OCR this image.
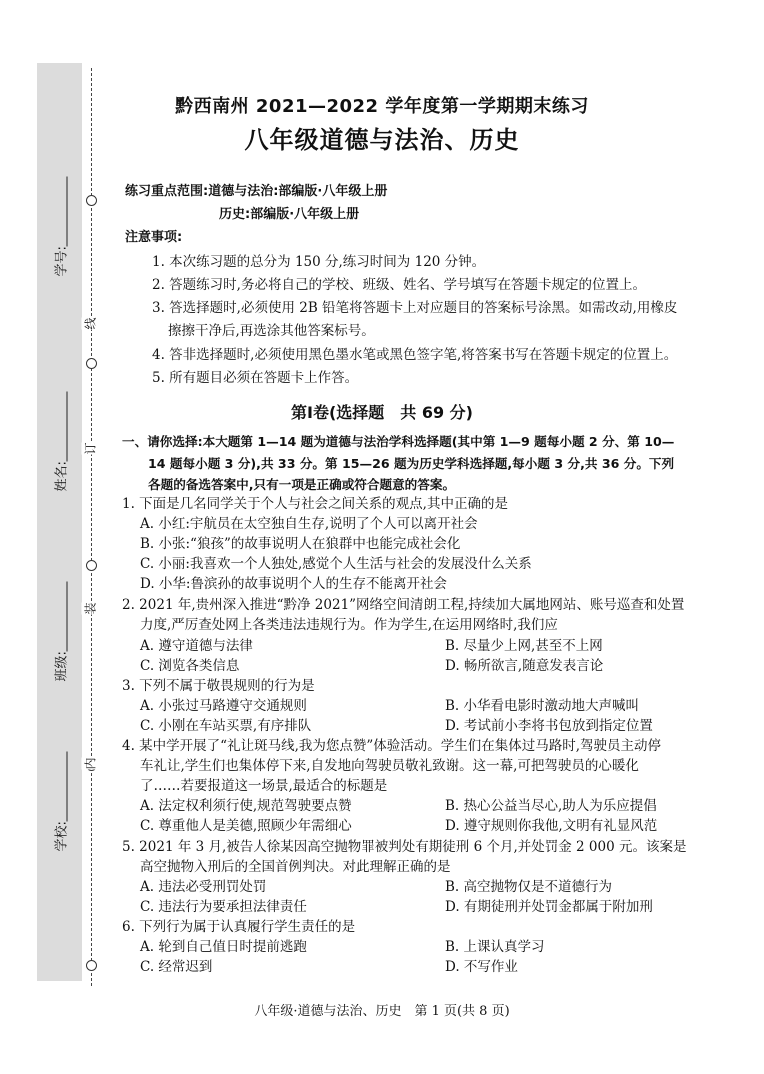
学号:
姓名:
班级:
学校:
线
订
装
内
黔西南州 2021—2022 学年度第一学期期末练习
八年级道德与法治、历史
练习重点范围:道德与法治:部编版·八年级上册
历史:部编版·八年级上册
注意事项:
1. 本次练习题的总分为 150 分,练习时间为 120 分钟。
2. 答题练习时,务必将自己的学校、班级、姓名、学号填写在答题卡规定的位置上。
3. 答选择题时,必须使用 2B 铅笔将答题卡上对应题目的答案标号涂黑。如需改动,用橡皮
擦擦干净后,再选涂其他答案标号。
4. 答非选择题时,必须使用黑色墨水笔或黑色签字笔,将答案书写在答题卡规定的位置上。
5. 所有题目必须在答题卡上作答。
第Ⅰ卷(选择题　共 69 分)
一、请你选择:本大题第 1—14 题为道德与法治学科选择题(其中第 1—9 题每小题 2 分、第 10—
14 题每小题 3 分),共 33 分。第 15—26 题为历史学科选择题,每小题 3 分,共 36 分。下列
各题的备选答案中,只有一项是正确或符合题意的答案。
1. 下面是几名同学关于个人与社会之间关系的观点,其中正确的是
A. 小红:宇航员在太空独自生存,说明了个人可以离开社会
B. 小张:“狼孩”的故事说明人在狼群中也能完成社会化
C. 小丽:我喜欢一个人独处,感觉个人生活与社会的发展没什么关系
D. 小华:鲁滨孙的故事说明个人的生存不能离开社会
2. 2021 年,贵州深入推进“黔净 2021”网络空间清朗工程,持续加大属地网站、账号巡查和处置
力度,严厉查处网上各类违法违规行为。作为学生,在运用网络时,我们应
A. 遵守道德与法律	B. 尽量少上网,甚至不上网
C. 浏览各类信息	D. 畅所欲言,随意发表言论
3. 下列不属于敬畏规则的行为是
A. 小张过马路遵守交通规则	B. 小华看电影时激动地大声喊叫
C. 小刚在车站买票,有序排队	D. 考试前小李将书包放到指定位置
4. 某中学开展了“礼让斑马线,我为您点赞”体验活动。学生们在集体过马路时,驾驶员主动停
车礼让,学生们也集体停下来,自发地向驾驶员敬礼致谢。这一幕,可把驾驶员的心暖化
了……若要报道这一场景,最适合的标题是
A. 法定权利须行使,规范驾驶要点赞	B. 热心公益当尽心,助人为乐应提倡
C. 尊重他人是美德,照顾少年需细心	D. 遵守规则你我他,文明有礼显风范
5. 2021 年 3 月,被告人徐某因高空抛物罪被判处有期徒刑 6 个月,并处罚金 2 000 元。该案是
高空抛物入刑后的全国首例判决。对此理解正确的是
A. 违法必受刑罚处罚	B. 高空抛物仅是不道德行为
C. 违法行为要承担法律责任	D. 有期徒刑并处罚金都属于附加刑
6. 下列行为属于认真履行学生责任的是
A. 轮到自己值日时提前逃跑	B. 上课认真学习
C. 经常迟到	D. 不写作业
八年级·道德与法治、历史　第 1 页(共 8 页)
